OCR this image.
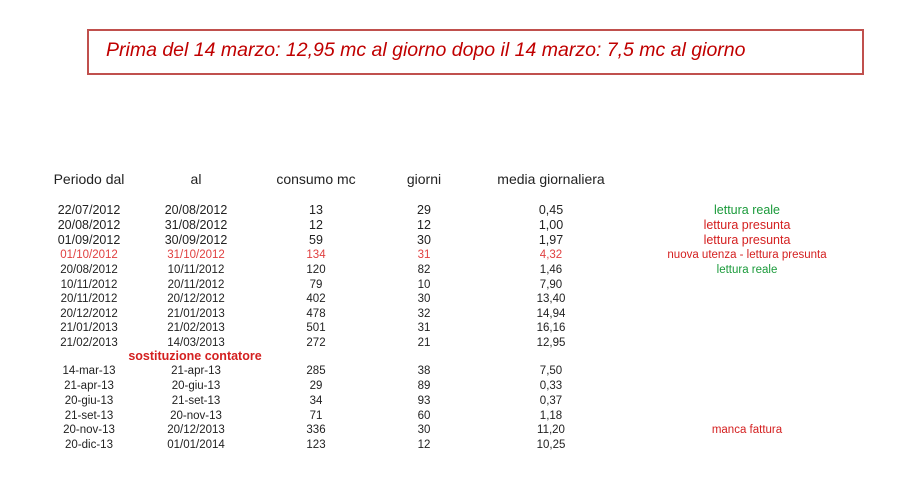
Prima del 14 marzo: 12,95 mc al giorno dopo il 14 marzo: 7,5 mc al giorno
Periodo dal	al	consumo mc	giorni	media giornaliera
22/07/2012	20/08/2012	13	29	0,45	lettura reale
20/08/2012	31/08/2012	12	12	1,00	lettura presunta
01/09/2012	30/09/2012	59	30	1,97	lettura presunta
01/10/2012	31/10/2012	134	31	4,32	nuova utenza - lettura presunta
20/08/2012	10/11/2012	120	82	1,46	lettura reale
10/11/2012	20/11/2012	79	10	7,90
20/11/2012	20/12/2012	402	30	13,40
20/12/2012	21/01/2013	478	32	14,94
21/01/2013	21/02/2013	501	31	16,16
21/02/2013	14/03/2013	272	21	12,95
14-mar-13	21-apr-13	285	38	7,50
21-apr-13	20-giu-13	29	89	0,33
20-giu-13	21-set-13	34	93	0,37
21-set-13	20-nov-13	71	60	1,18
20-nov-13	20/12/2013	336	30	11,20	manca fattura
20-dic-13	01/01/2014	123	12	10,25
sostituzione contatore
